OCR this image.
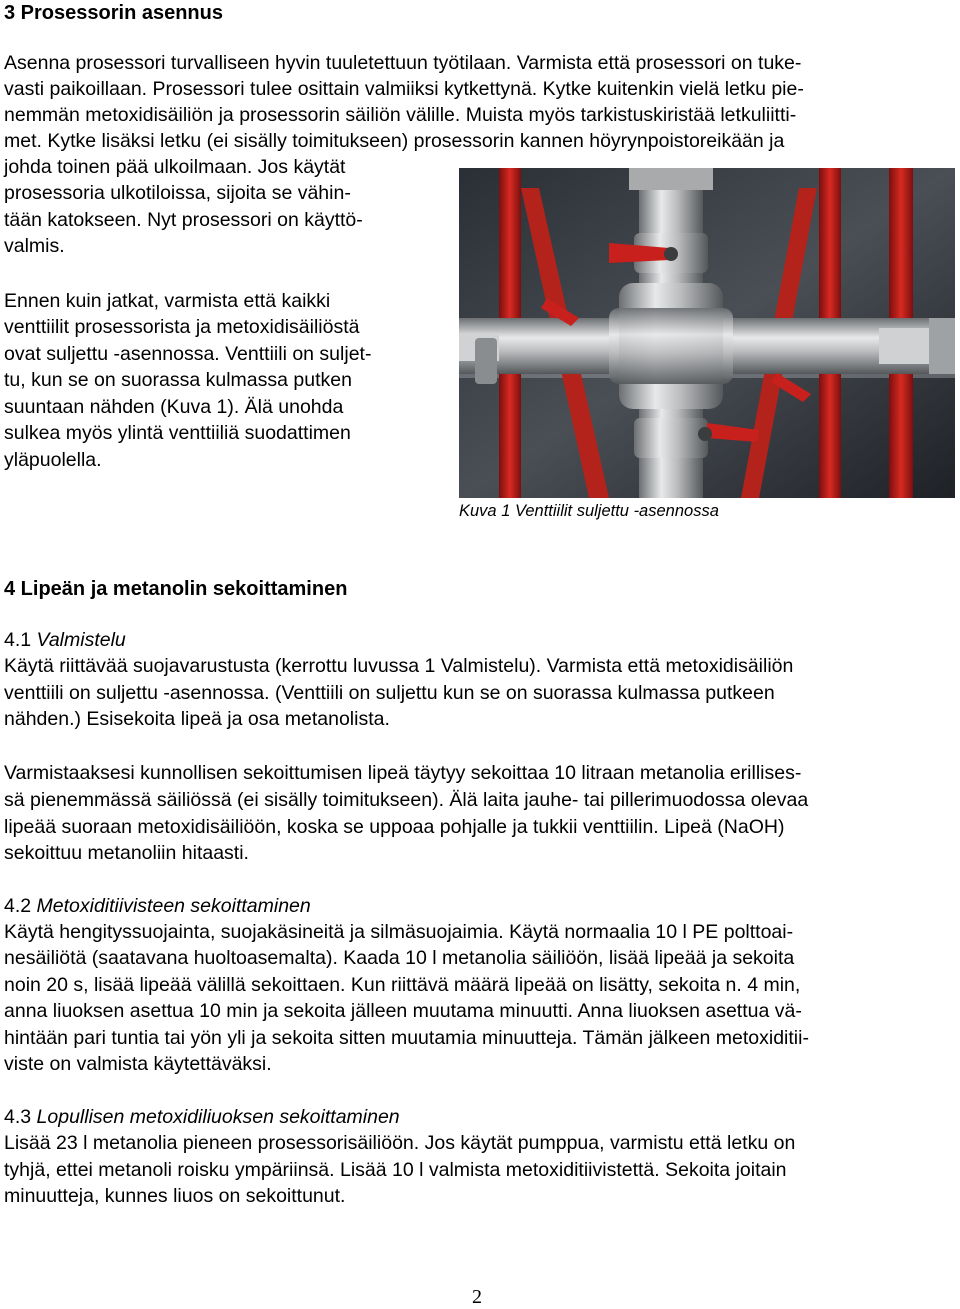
3 Prosessorin asennus
Asenna prosessori turvalliseen hyvin tuuletettuun työtilaan. Varmista että prosessori on tuke-
vasti paikoillaan. Prosessori tulee osittain valmiiksi kytkettynä. Kytke kuitenkin vielä letku pie-
nemmän metoxidisäiliön ja prosessorin säiliön välille. Muista myös tarkistuskiristää letkuliitti-
met. Kytke lisäksi letku (ei sisälly toimitukseen) prosessorin kannen höyrynpoistoreikään ja
johda toinen pää ulkoilmaan. Jos käytät
prosessoria ulkotiloissa, sijoita se vähin-
tään katokseen. Nyt prosessori on käyttö-
valmis.
Ennen kuin jatkat, varmista että kaikki
venttiilit prosessorista ja metoxidisäiliöstä
ovat suljettu -asennossa. Venttiili on suljet-
tu, kun se on suorassa kulmassa putken
suuntaan nähden (Kuva 1). Älä unohda
sulkea myös ylintä venttiiliä suodattimen
yläpuolella.
Kuva 1 Venttiilit suljettu -asennossa
4 Lipeän ja metanolin sekoittaminen
4.1 Valmistelu
Käytä riittävää suojavarustusta (kerrottu luvussa 1 Valmistelu). Varmista että metoxidisäiliön
venttiili on suljettu -asennossa. (Venttiili on suljettu kun se on suorassa kulmassa putkeen
nähden.) Esisekoita lipeä ja osa metanolista.
Varmistaaksesi kunnollisen sekoittumisen lipeä täytyy sekoittaa 10 litraan metanolia erillises-
sä pienemmässä säiliössä (ei sisälly toimitukseen). Älä laita jauhe- tai pillerimuodossa olevaa
lipeää suoraan metoxidisäiliöön, koska se uppoaa pohjalle ja tukkii venttiilin. Lipeä (NaOH)
sekoittuu metanoliin hitaasti.
4.2 Metoxiditiivisteen sekoittaminen
Käytä hengityssuojainta, suojakäsineitä ja silmäsuojaimia. Käytä normaalia 10 l PE polttoai-
nesäiliötä (saatavana huoltoasemalta). Kaada 10 l metanolia säiliöön, lisää lipeää ja sekoita
noin 20 s, lisää lipeää välillä sekoittaen. Kun riittävä määrä lipeää on lisätty, sekoita n. 4 min,
anna liuoksen asettua 10 min ja sekoita jälleen muutama minuutti. Anna liuoksen asettua vä-
hintään pari tuntia tai yön yli ja sekoita sitten muutamia minuutteja. Tämän jälkeen metoxiditii-
viste on valmista käytettäväksi.
4.3 Lopullisen metoxidiliuoksen sekoittaminen
Lisää 23 l metanolia pieneen prosessorisäiliöön. Jos käytät pumppua, varmistu että letku on
tyhjä, ettei metanoli roisku ympäriinsä. Lisää 10 l valmista metoxiditiivistettä. Sekoita joitain
minuutteja, kunnes liuos on sekoittunut.
2
